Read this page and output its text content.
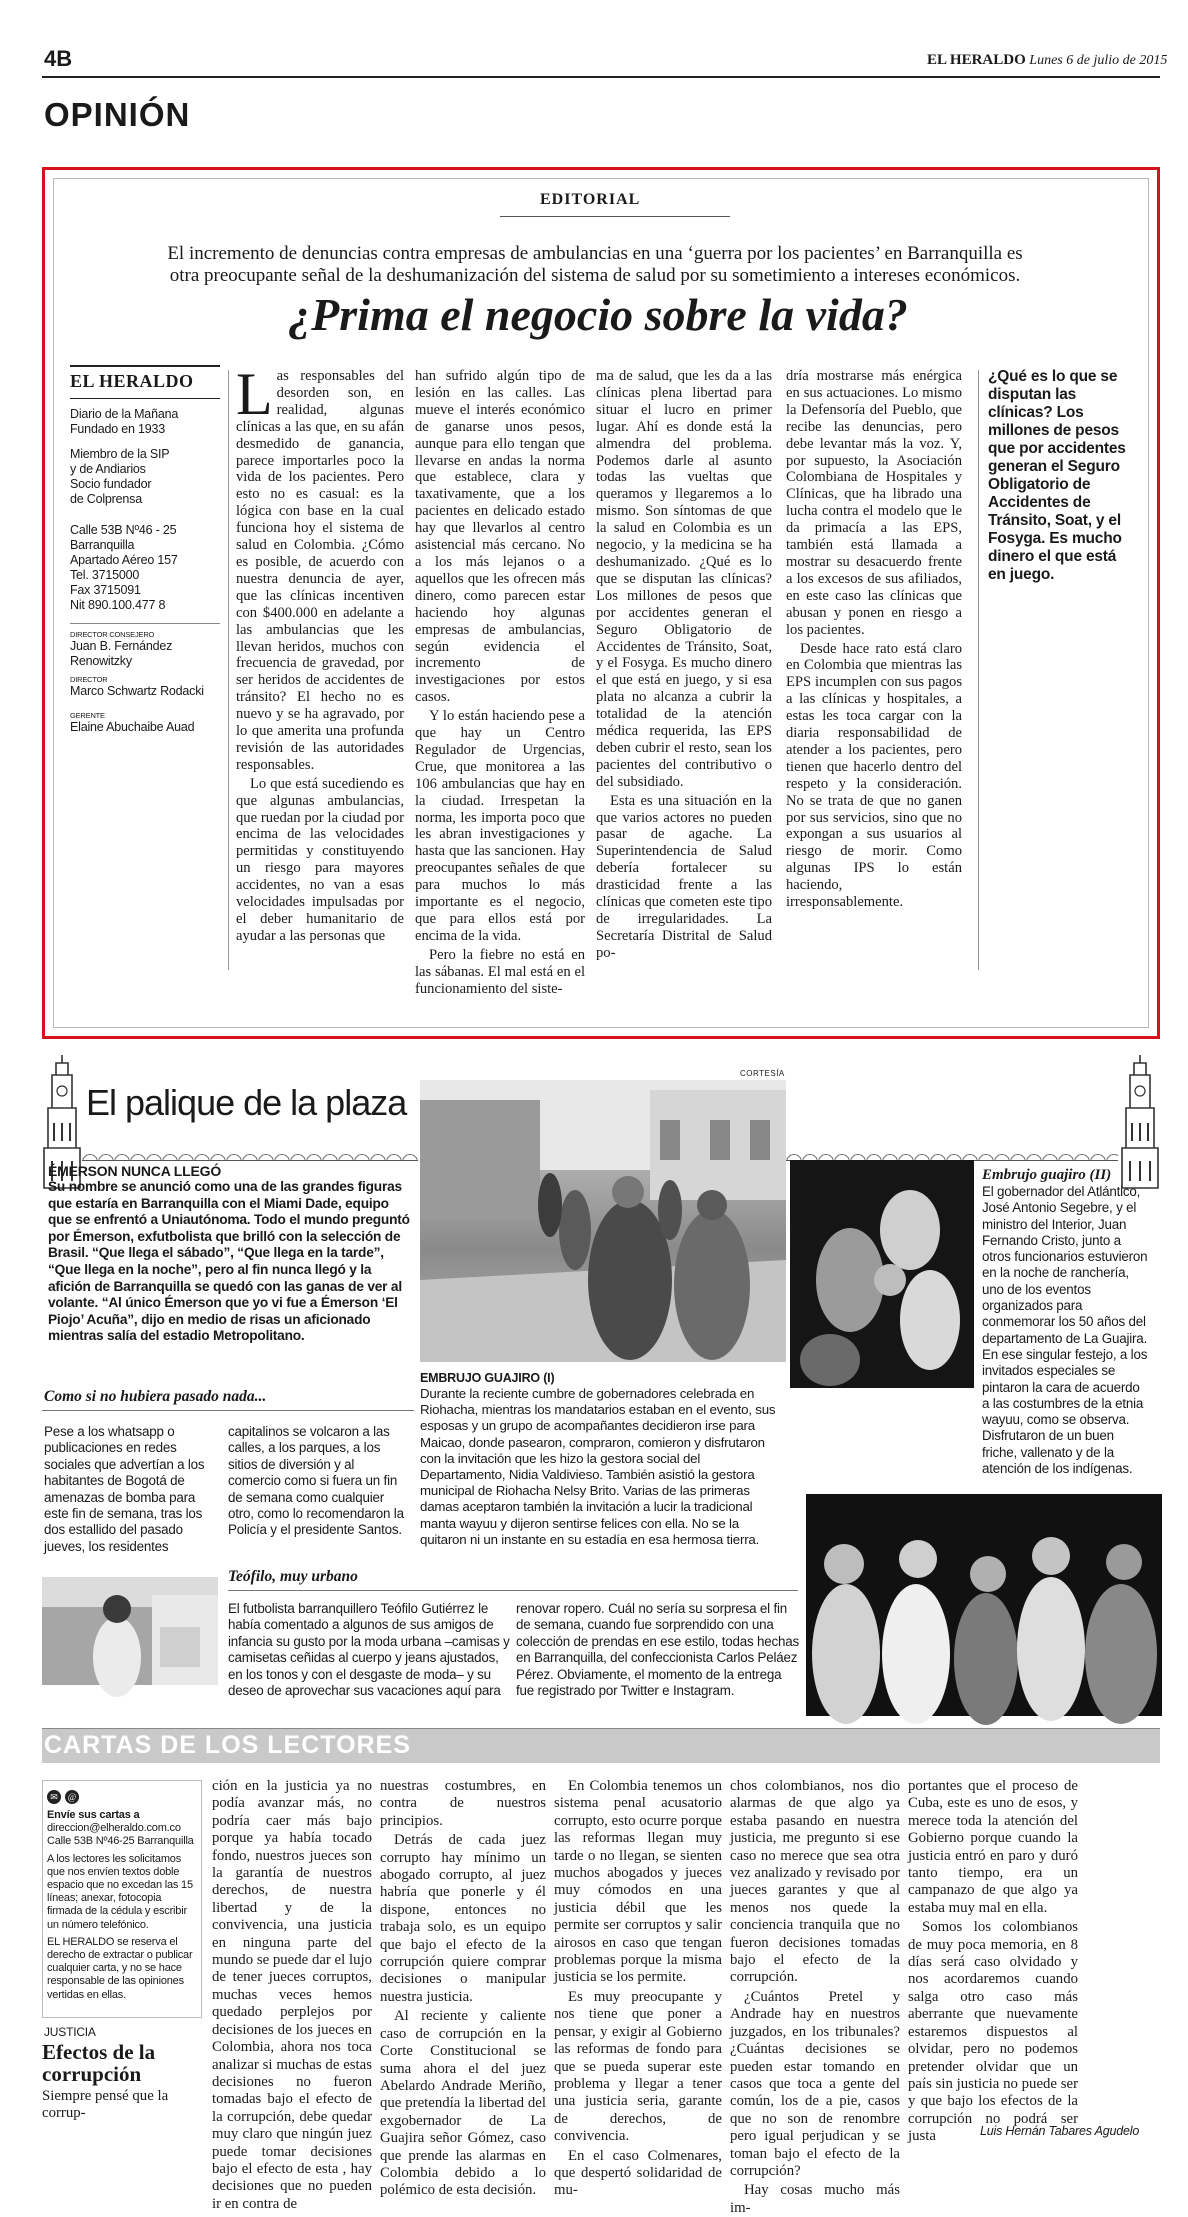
4B	EL HERALDO Lunes 6 de julio de 2015
OPINIÓN
EDITORIAL
El incremento de denuncias contra empresas de ambulancias en una ‘guerra por los pacientes’ en Barranquilla es otra preocupante señal de la deshumanización del sistema de salud por su sometimiento a intereses económicos.
¿Prima el negocio sobre la vida?
EL HERALDO
Diario de la Mañana
Fundado en 1933
Miembro de la SIP
y de Andiarios
Socio fundador
de Colprensa
Calle 53B Nº46 - 25
Barranquilla
Apartado Aéreo 157
Tel. 3715000
Fax 3715091
Nit 890.100.477 8
DIRECTOR CONSEJERO
Juan B. Fernández Renowitzky
DIRECTOR
Marco Schwartz Rodacki
GERENTE
Elaine Abuchaibe Auad
L as responsables del desorden son, en realidad, algunas clínicas a las que, en su afán desmedido de ganancia, parece importarles poco la vida de los pacientes. Pero esto no es casual: es la lógica con base en la cual funciona hoy el sistema de salud en Colombia. ¿Cómo es posible, de acuerdo con nuestra denuncia de ayer, que las clínicas incentiven con $400.000 en adelante a las ambulancias que les llevan heridos, muchos con frecuencia de gravedad, por ser heridos de accidentes de tránsito? El hecho no es nuevo y se ha agravado, por lo que amerita una profunda revisión de las autoridades responsables.

Lo que está sucediendo es que algunas ambulancias, que ruedan por la ciudad por encima de las velocidades permitidas y constituyendo un riesgo para mayores accidentes, no van a esas velocidades impulsadas por el deber humanitario de ayudar a las personas que

han sufrido algún tipo de lesión en las calles. Las mueve el interés económico de ganarse unos pesos, aunque para ello tengan que llevarse en andas la norma que establece, clara y taxativamente, que a los pacientes en delicado estado hay que llevarlos al centro asistencial más cercano. No a los más lejanos o a aquellos que les ofrecen más dinero, como parecen estar haciendo hoy algunas empresas de ambulancias, según evidencia el incremento de investigaciones por estos casos.

Y lo están haciendo pese a que hay un Centro Regulador de Urgencias, Crue, que monitorea a las 106 ambulancias que hay en la ciudad. Irrespetan la norma, les importa poco que les abran investigaciones y hasta que las sancionen. Hay preocupantes señales de que para muchos lo más importante es el negocio, que para ellos está por encima de la vida.

Pero la fiebre no está en las sábanas. El mal está en el funcionamiento del siste-

ma de salud, que les da a las clínicas plena libertad para situar el lucro en primer lugar. Ahí es donde está la almendra del problema. Podemos darle al asunto todas las vueltas que queramos y llegaremos a lo mismo. Son síntomas de que la salud en Colombia es un negocio, y la medicina se ha deshumanizado. ¿Qué es lo que se disputan las clínicas? Los millones de pesos que por accidentes generan el Seguro Obligatorio de Accidentes de Tránsito, Soat, y el Fosyga. Es mucho dinero el que está en juego, y si esa plata no alcanza a cubrir la totalidad de la atención médica requerida, las EPS deben cubrir el resto, sean los pacientes del contributivo o del subsidiado.

Esta es una situación en la que varios actores no pueden pasar de agache. La Superintendencia de Salud debería fortalecer su drasticidad frente a las clínicas que cometen este tipo de irregularidades. La Secretaría Distrital de Salud po-

dría mostrarse más enérgica en sus actuaciones. Lo mismo la Defensoría del Pueblo, que recibe las denuncias, pero debe levantar más la voz. Y, por supuesto, la Asociación Colombiana de Hospitales y Clínicas, que ha librado una lucha contra el modelo que le da primacía a las EPS, también está llamada a mostrar su desacuerdo frente a los excesos de sus afiliados, en este caso las clínicas que abusan y ponen en riesgo a los pacientes.

Desde hace rato está claro en Colombia que mientras las EPS incumplen con sus pagos a las clínicas y hospitales, a estas les toca cargar con la diaria responsabilidad de atender a los pacientes, pero tienen que hacerlo dentro del respeto y la consideración. No se trata de que no ganen por sus servicios, sino que no expongan a sus usuarios al riesgo de morir. Como algunas IPS lo están haciendo, irresponsablemente.

¿Qué es lo que se disputan las clínicas? Los millones de pesos que por accidentes generan el Seguro Obligatorio de Accidentes de Tránsito, Soat, y el Fosyga. Es mucho dinero el que está en juego.
El palique de la plaza
CORTESÍA
ÉMERSON NUNCA LLEGÓ
Su nombre se anunció como una de las grandes figuras que estaría en Barranquilla con el Miami Dade, equipo que se enfrentó a Uniautónoma. Todo el mundo preguntó por Émerson, exfutbolista que brilló con la selección de Brasil. “Que llega el sábado”, “Que llega en la tarde”, “Que llega en la noche”, pero al fin nunca llegó y la afición de Barranquilla se quedó con las ganas de ver al volante. “Al único Émerson que yo vi fue a Émerson ‘El Piojo’ Acuña”, dijo en medio de risas un aficionado mientras salía del estadio Metropolitano.
EMBRUJO GUAJIRO (I)
Durante la reciente cumbre de gobernadores celebrada en Riohacha, mientras los mandatarios estaban en el evento, sus esposas y un grupo de acompañantes decidieron irse para Maicao, donde pasearon, compraron, comieron y disfrutaron con la invitación que les hizo la gestora social del Departamento, Nidia Valdivieso. También asistió la gestora municipal de Riohacha Nelsy Brito. Varias de las primeras damas aceptaron también la invitación a lucir la tradicional manta wayuu y dijeron sentirse felices con ella. No se la quitaron ni un instante en su estadía en esa hermosa tierra.
Embrujo guajiro (II)
El gobernador del Atlántico, José Antonio Segebre, y el ministro del Interior, Juan Fernando Cristo, junto a otros funcionarios estuvieron en la noche de ranchería, uno de los eventos organizados para conmemorar los 50 años del departamento de La Guajira. En ese singular festejo, a los invitados especiales se pintaron la cara de acuerdo a las costumbres de la etnia wayuu, como se observa. Disfrutaron de un buen friche, vallenato y de la atención de los indígenas.
Como si no hubiera pasado nada...
Pese a los whatsapp o publicaciones en redes sociales que advertían a los habitantes de Bogotá de amenazas de bomba para este fin de semana, tras los dos estallido del pasado jueves, los residentes
capitalinos se volcaron a las calles, a los parques, a los sitios de diversión y al comercio como si fuera un fin de semana como cualquier otro, como lo recomendaron la Policía y el presidente Santos.
Teófilo, muy urbano
El futbolista barranquillero Teófilo Gutiérrez le había comentado a algunos de sus amigos de infancia su gusto por la moda urbana –camisas y camisetas ceñidas al cuerpo y jeans ajustados, en los tonos y con el desgaste de moda– y su deseo de aprovechar sus vacaciones aquí para
renovar ropero. Cuál no sería su sorpresa el fin de semana, cuando fue sorprendido con una colección de prendas en ese estilo, todas hechas en Barranquilla, del confeccionista Carlos Peláez Pérez. Obviamente, el momento de la entrega fue registrado por Twitter e Instagram.
CARTAS DE LOS LECTORES
✉ @
Envíe sus cartas a
direccion@elheraldo.com.co
Calle 53B Nº46-25 Barranquilla
A los lectores les solicitamos que nos envíen textos doble espacio que no excedan las 15 líneas; anexar, fotocopia firmada de la cédula y escribir un número telefónico.
EL HERALDO se reserva el derecho de extractar o publicar cualquier carta, y no se hace responsable de las opiniones vertidas en ellas.
JUSTICIA
Efectos de la corrupción
Siempre pensé que la corrup-

ción en la justicia ya no podía avanzar más, no podría caer más bajo porque ya había tocado fondo, nuestros jueces son la garantía de nuestros derechos, de nuestra libertad y de la convivencia, una justicia en ninguna parte del mundo se puede dar el lujo de tener jueces corruptos, muchas veces hemos quedado perplejos por decisiones de los jueces en Colombia, ahora nos toca analizar si muchas de estas decisiones no fueron tomadas bajo el efecto de la corrupción, debe quedar muy claro que ningún juez puede tomar decisiones bajo el efecto de esta , hay decisiones que no pueden ir en contra de

nuestras costumbres, en contra de nuestros principios.

Detrás de cada juez corrupto hay mínimo un abogado corrupto, al juez habría que ponerle y él dispone, entonces no trabaja solo, es un equipo que bajo el efecto de la corrupción quiere comprar decisiones o manipular nuestra justicia.

Al reciente y caliente caso de corrupción en la Corte Constitucional se suma ahora el del juez Abelardo Andrade Meriño, que pretendía la libertad del exgobernador de La Guajira señor Gómez, caso que prende las alarmas en Colombia debido a lo polémico de esta decisión.

En Colombia tenemos un sistema penal acusatorio corrupto, esto ocurre porque las reformas llegan muy tarde o no llegan, se sienten muchos abogados y jueces muy cómodos en una justicia débil que les permite ser corruptos y salir airosos en caso que tengan problemas porque la misma justicia se los permite.

Es muy preocupante y nos tiene que poner a pensar, y exigir al Gobierno las reformas de fondo para que se pueda superar este problema y llegar a tener una justicia seria, garante de derechos, de convivencia.

En el caso Colmenares, que despertó solidaridad de mu-

chos colombianos, nos dio alarmas de que algo ya estaba pasando en nuestra justicia, me pregunto si ese caso no merece que sea otra vez analizado y revisado por jueces garantes y que al menos nos quede la conciencia tranquila que no fueron decisiones tomadas bajo el efecto de la corrupción.

¿Cuántos Pretel y Andrade hay en nuestros juzgados, en los tribunales? ¿Cuántas decisiones se pueden estar tomando en casos que toca a gente del común, los de a pie, casos que no son de renombre pero igual perjudican y se toman bajo el efecto de la corrupción?

Hay cosas mucho más im-

portantes que el proceso de Cuba, este es uno de esos, y merece toda la atención del Gobierno porque cuando la justicia entró en paro y duró tanto tiempo, era un campanazo de que algo ya estaba muy mal en ella.

Somos los colombianos de muy poca memoria, en 8 días será caso olvidado y nos acordaremos cuando salga otro caso más aberrante que nuevamente estaremos dispuestos al olvidar, pero no podemos pretender olvidar que un país sin justicia no puede ser y que bajo los efectos de la corrupción no podrá ser justa	Luis Hernán Tabares Agudelo
